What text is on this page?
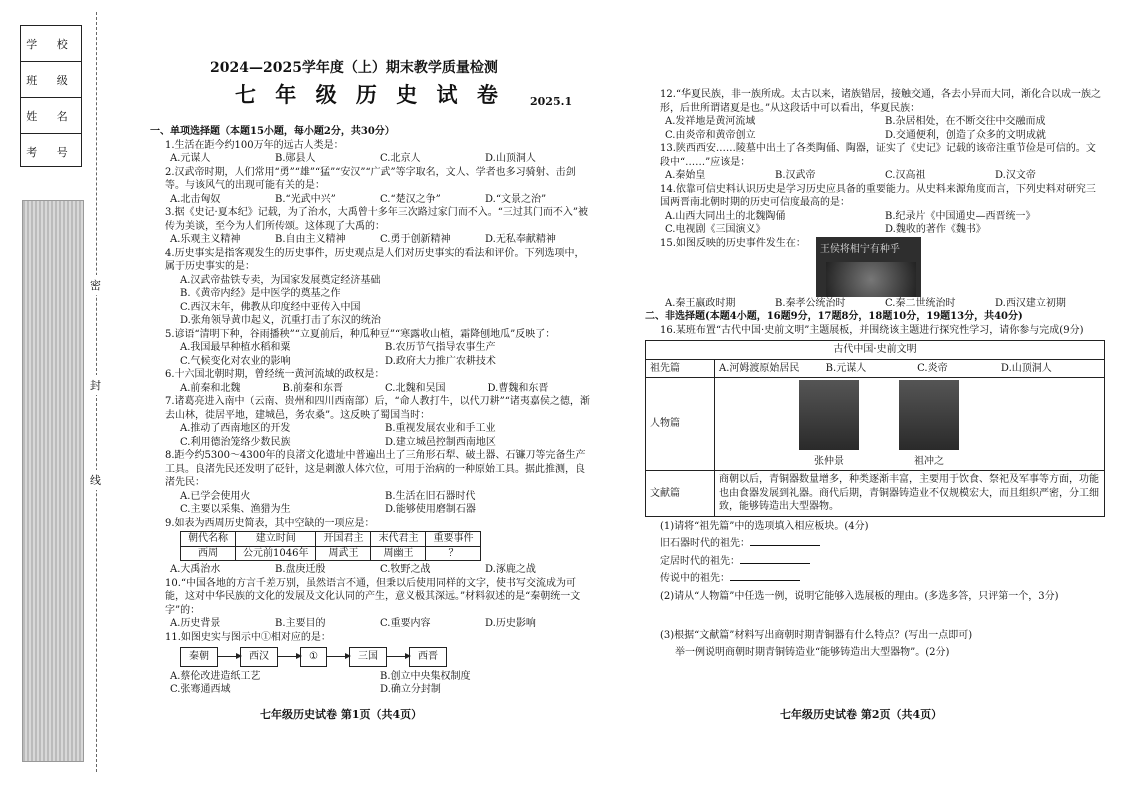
学 校
班 级
姓 名
考 号
密
封
线
2024—2025学年度（上）期末教学质量检测
七 年 级 历 史 试 卷 2025.1
一、单项选择题（本题15小题，每小题2分，共30分）

1.生活在距今约100万年的远古人类是：

A.元谋人	B.郧县人	C.北京人	D.山顶洞人

2.汉武帝时期，人们常用“勇”“雄”“猛”“安汉”“广武”等字取名，文人、学者也多习骑射、击剑等。与该风气的出现可能有关的是：

A.北击匈奴	B.“光武中兴”	C.“楚汉之争”	D.“文景之治”

3.据《史记·夏本纪》记载，为了治水，大禹曾十多年三次路过家门而不入。“三过其门而不入”被传为美谈，至今为人们所传颂。这体现了大禹的：

A.乐观主义精神	B.自由主义精神	C.勇于创新精神	D.无私奉献精神

4.历史事实是指客观发生的历史事件，历史观点是人们对历史事实的看法和评价。下列选项中，属于历史事实的是：

A.汉武帝盐铁专卖，为国家发展奠定经济基础
B.《黄帝内经》是中医学的奠基之作
C.西汉末年，佛教从印度经中亚传入中国
D.张角领导黄巾起义，沉重打击了东汉的统治

5.谚语“清明下种，谷雨播秧”“立夏前后，种瓜种豆”“寒露收山植，霜降刨地瓜”反映了：

A.我国最早种植水稻和粟	B.农历节气指导农事生产
C.气候变化对农业的影响	D.政府大力推广农耕技术

6.十六国北朝时期，曾经统一黄河流域的政权是：

A.前秦和北魏	B.前秦和东晋	C.北魏和吴国	D.曹魏和东晋

7.诸葛亮进入南中（云南、贵州和四川西南部）后，“命人教打牛，以代刀耕”“诸夷嘉侯之德，渐去山林，徙居平地，建城邑，务农桑”。这反映了蜀国当时：

A.推动了西南地区的开发	B.重视发展农业和手工业
C.利用德治笼络少数民族	D.建立城邑控制西南地区

8.距今约5300～4300年的良渚文化遗址中普遍出土了三角形石犁、破土器、石镰刀等完备生产工具。良渚先民还发明了砭针，这是刺激人体穴位，可用于治病的一种原始工具。据此推测，良渚先民：

A.已学会使用火	B.生活在旧石器时代
C.主要以采集、渔猎为生	D.能够使用磨制石器

9.如表为西周历史简表，其中空缺的一项应是：

朝代名称	建立时间	开国君主	末代君主	重要事件
西周	公元前1046年	周武王	周幽王	？
A.大禹治水	B.盘庚迁殷	C.牧野之战	D.涿鹿之战

10.“中国各地的方言千差万别，虽然语言不通，但秉以后使用同样的文字，使书写交流成为可能，这对中华民族的文化的发展及文化认同的产生，意义极其深远。”材料叙述的是“秦朝统一文字”的：

A.历史背景	B.主要目的	C.重要内容	D.历史影响

11.如图史实与图示中①相对应的是：

秦朝	西汉	①	三国	西晋
A.蔡伦改进造纸工艺	B.创立中央集权制度
C.张骞通西域	D.确立分封制
七年级历史试卷 第1页（共4页）

12.“华夏民族，非一族所成。太古以来，诸族错居，接触交通，各去小异而大同，渐化合以成一族之形，后世所谓诸夏是也。”从这段话中可以看出，华夏民族：

A.发祥地是黄河流域	B.杂居相处，在不断交往中交融而成
C.由炎帝和黄帝创立	D.交通便利，创造了众多的文明成就

13.陕西西安……陵墓中出土了各类陶俑、陶器，证实了《史记》记载的该帝注重节俭是可信的。文段中“……”应该是：

A.秦始皇	B.汉武帝	C.汉高祖	D.汉文帝

14.依靠可信史料认识历史是学习历史应具备的重要能力。从史料来源角度而言，下列史料对研究三国两晋南北朝时期的历史可信度最高的是：

A.山西大同出土的北魏陶俑	B.纪录片《中国通史—西晋统一》
C.电视剧《三国演义》	D.魏收的著作《魏书》
15.如图反映的历史事件发生在：
王侯将相宁有种乎
A.秦王嬴政时期	B.秦孝公统治时	C.秦二世统治时	D.西汉建立初期
二、非选择题(本题4小题，16题9分，17题8分，18题10分，19题13分，共40分)

16.某班布置“古代中国·史前文明”主题展板，并围绕该主题进行探究性学习，请你参与完成(9分)

古代中国·史前文明	
祖先篇	A.河姆渡原始居民 B.元谋人 C.炎帝 D.山顶洞人

人物篇	张仲景 祖冲之

文献篇	商朝以后，青铜器数量增多，种类逐渐丰富，主要用于饮食、祭祀及军事等方面，功能也由食器发展到礼器。商代后期，青铜器铸造业不仅规模宏大，而且组织严密，分工细致，能够铸造出大型器物。

(1)请将“祖先篇”中的选项填入相应板块。(4分)

旧石器时代的祖先：

定居时代的祖先：

传说中的祖先：

(2)请从“人物篇”中任选一例，说明它能够入选展板的理由。(多选多答，只评第一个，3分)

(3)根据“文献篇”材料写出商朝时期青铜器有什么特点？(写出一点即可)

举一例说明商朝时期青铜铸造业“能够铸造出大型器物”。(2分)

七年级历史试卷 第2页（共4页）
